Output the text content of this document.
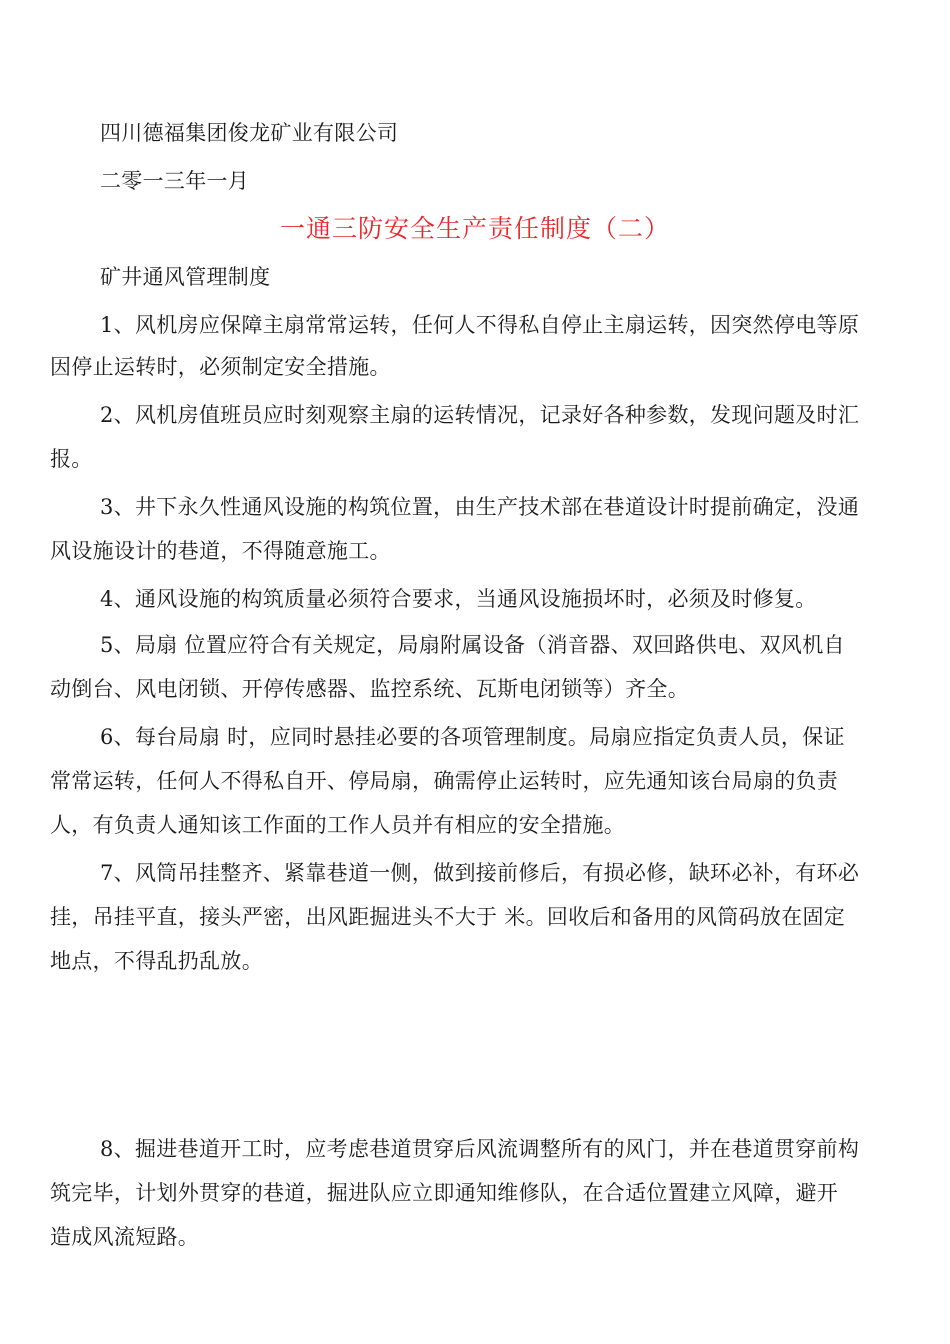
四川德福集团俊龙矿业有限公司
二零一三年一月
一通三防安全生产责任制度（二）
矿井通风管理制度
1、风机房应保障主扇常常运转，任何人不得私自停止主扇运转，因突然停电等原
因停止运转时，必须制定安全措施。
2、风机房值班员应时刻观察主扇的运转情况，记录好各种参数，发现问题及时汇
报。
3、井下永久性通风设施的构筑位置，由生产技术部在巷道设计时提前确定，没通
风设施设计的巷道，不得随意施工。
4、通风设施的构筑质量必须符合要求，当通风设施损坏时，必须及时修复。
5、局扇 位置应符合有关规定，局扇附属设备（消音器、双回路供电、双风机自
动倒台、风电闭锁、开停传感器、监控系统、瓦斯电闭锁等）齐全。
6、每台局扇 时，应同时悬挂必要的各项管理制度。局扇应指定负责人员，保证
常常运转，任何人不得私自开、停局扇，确需停止运转时，应先通知该台局扇的负责
人，有负责人通知该工作面的工作人员并有相应的安全措施。
7、风筒吊挂整齐、紧靠巷道一侧，做到接前修后，有损必修，缺环必补，有环必
挂，吊挂平直，接头严密，出风距掘进头不大于 米。回收后和备用的风筒码放在固定
地点，不得乱扔乱放。
8、掘进巷道开工时，应考虑巷道贯穿后风流调整所有的风门，并在巷道贯穿前构
筑完毕，计划外贯穿的巷道，掘进队应立即通知维修队，在合适位置建立风障，避开
造成风流短路。
